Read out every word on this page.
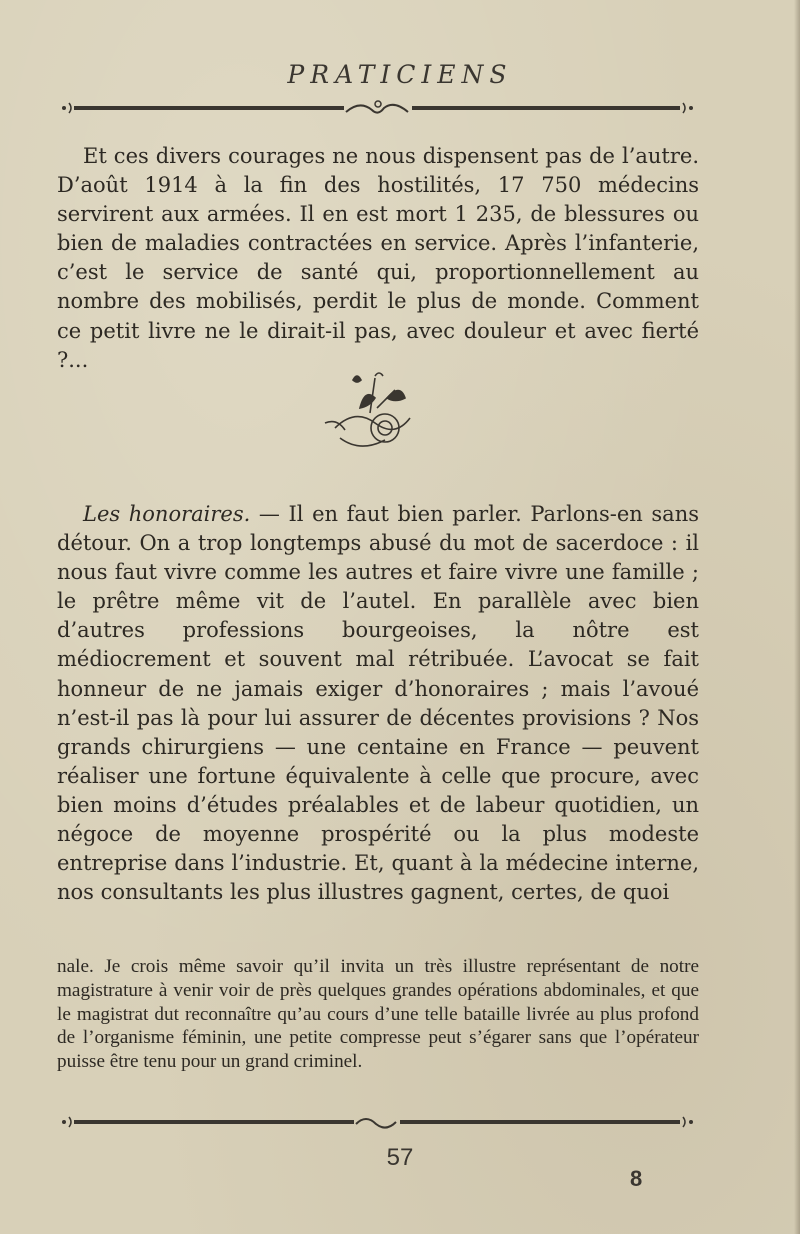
PRATICIENS

Et ces divers courages ne nous dispensent pas de l’autre. D’août 1914 à la fin des hostilités, 17 750 médecins servirent aux armées. Il en est mort 1 235, de blessures ou bien de maladies contractées en service. Après l’infanterie, c’est le service de santé qui, proportionnellement au nombre des mobilisés, perdit le plus de monde. Comment ce petit livre ne le dirait-il pas, avec douleur et avec fierté ?...

Les honoraires. — Il en faut bien parler. Parlons-en sans détour. On a trop longtemps abusé du mot de sacerdoce : il nous faut vivre comme les autres et faire vivre une famille ; le prêtre même vit de l’autel. En parallèle avec bien d’autres professions bourgeoises, la nôtre est médiocrement et souvent mal rétribuée. L’avocat se fait honneur de ne jamais exiger d’honoraires ; mais l’avoué n’est-il pas là pour lui assurer de décentes provisions ? Nos grands chirurgiens — une centaine en France — peuvent réaliser une fortune équivalente à celle que procure, avec bien moins d’études préalables et de labeur quotidien, un négoce de moyenne prospérité ou la plus modeste entreprise dans l’industrie. Et, quant à la médecine interne, nos consultants les plus illustres gagnent, certes, de quoi

nale. Je crois même savoir qu’il invita un très illustre représentant de notre magistrature à venir voir de près quelques grandes opérations abdominales, et que le magistrat dut reconnaître qu’au cours d’une telle bataille livrée au plus profond de l’organisme féminin, une petite compresse peut s’égarer sans que l’opérateur puisse être tenu pour un grand criminel.
57
8
